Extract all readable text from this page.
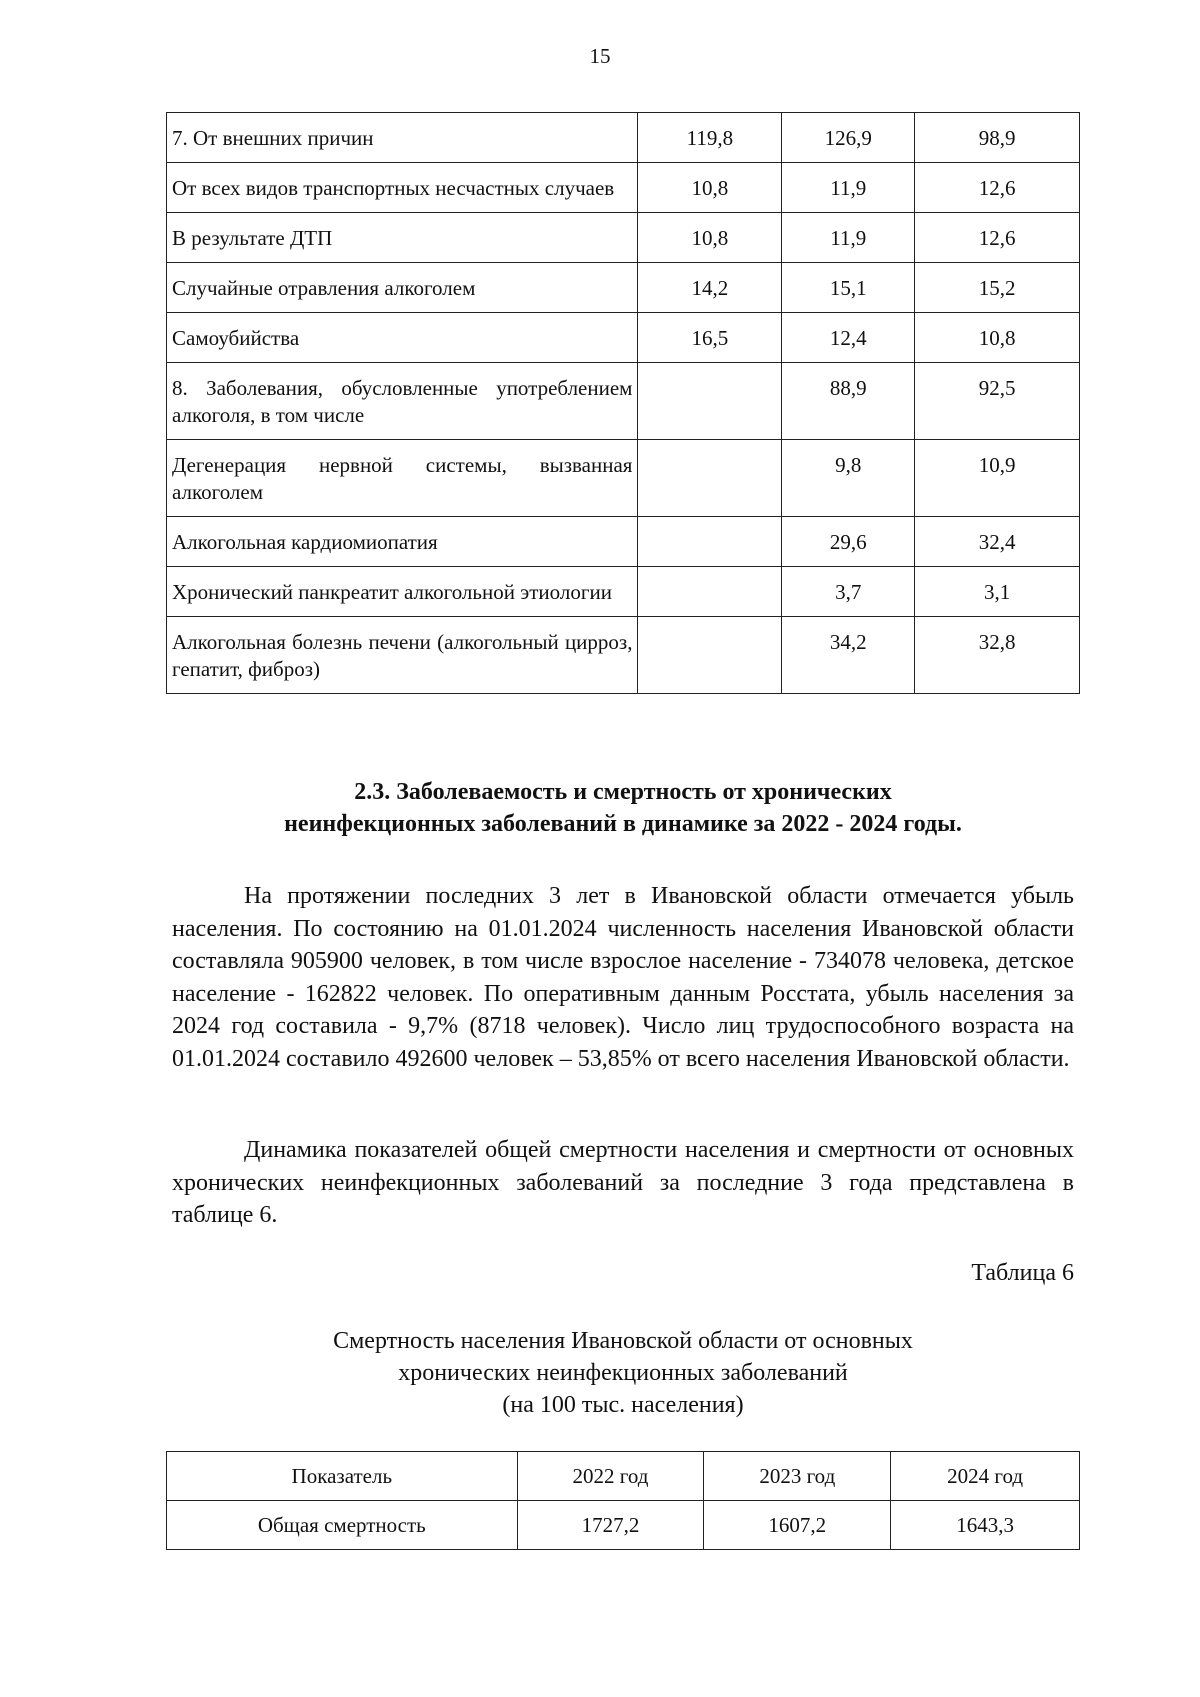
15
7. От внешних причин	119,8	126,9	98,9
От всех видов транспортных несчастных случаев	10,8	11,9	12,6
В результате ДТП	10,8	11,9	12,6
Случайные отравления алкоголем	14,2	15,1	15,2
Самоубийства	16,5	12,4	10,8
8. Заболевания, обусловленные употреблением алкоголя, в том числе		88,9	92,5
Дегенерация нервной системы, вызванная алкоголем		9,8	10,9
Алкогольная кардиомиопатия		29,6	32,4
Хронический панкреатит алкогольной этиологии		3,7	3,1
Алкогольная болезнь печени (алкогольный цирроз, гепатит, фиброз)		34,2	32,8
2.3. Заболеваемость и смертность от хронических
неинфекционных заболеваний в динамике за 2022 - 2024 годы.

На протяжении последних 3 лет в Ивановской области отмечается убыль населения. По состоянию на 01.01.2024 численность населения Ивановской области составляла 905900 человек, в том числе взрослое население - 734078 человека, детское население - 162822 человек. По оперативным данным Росстата, убыль населения за 2024 год составила - 9,7% (8718 человек). Число лиц трудоспособного возраста на 01.01.2024 составило 492600 человек – 53,85% от всего населения Ивановской области.

Динамика показателей общей смертности населения и смертности от основных хронических неинфекционных заболеваний за последние 3 года представлена в таблице 6.

Таблица 6
Смертность населения Ивановской области от основных
хронических неинфекционных заболеваний
(на 100 тыс. населения)
Показатель	2022 год	2023 год	2024 год
Общая смертность	1727,2	1607,2	1643,3
